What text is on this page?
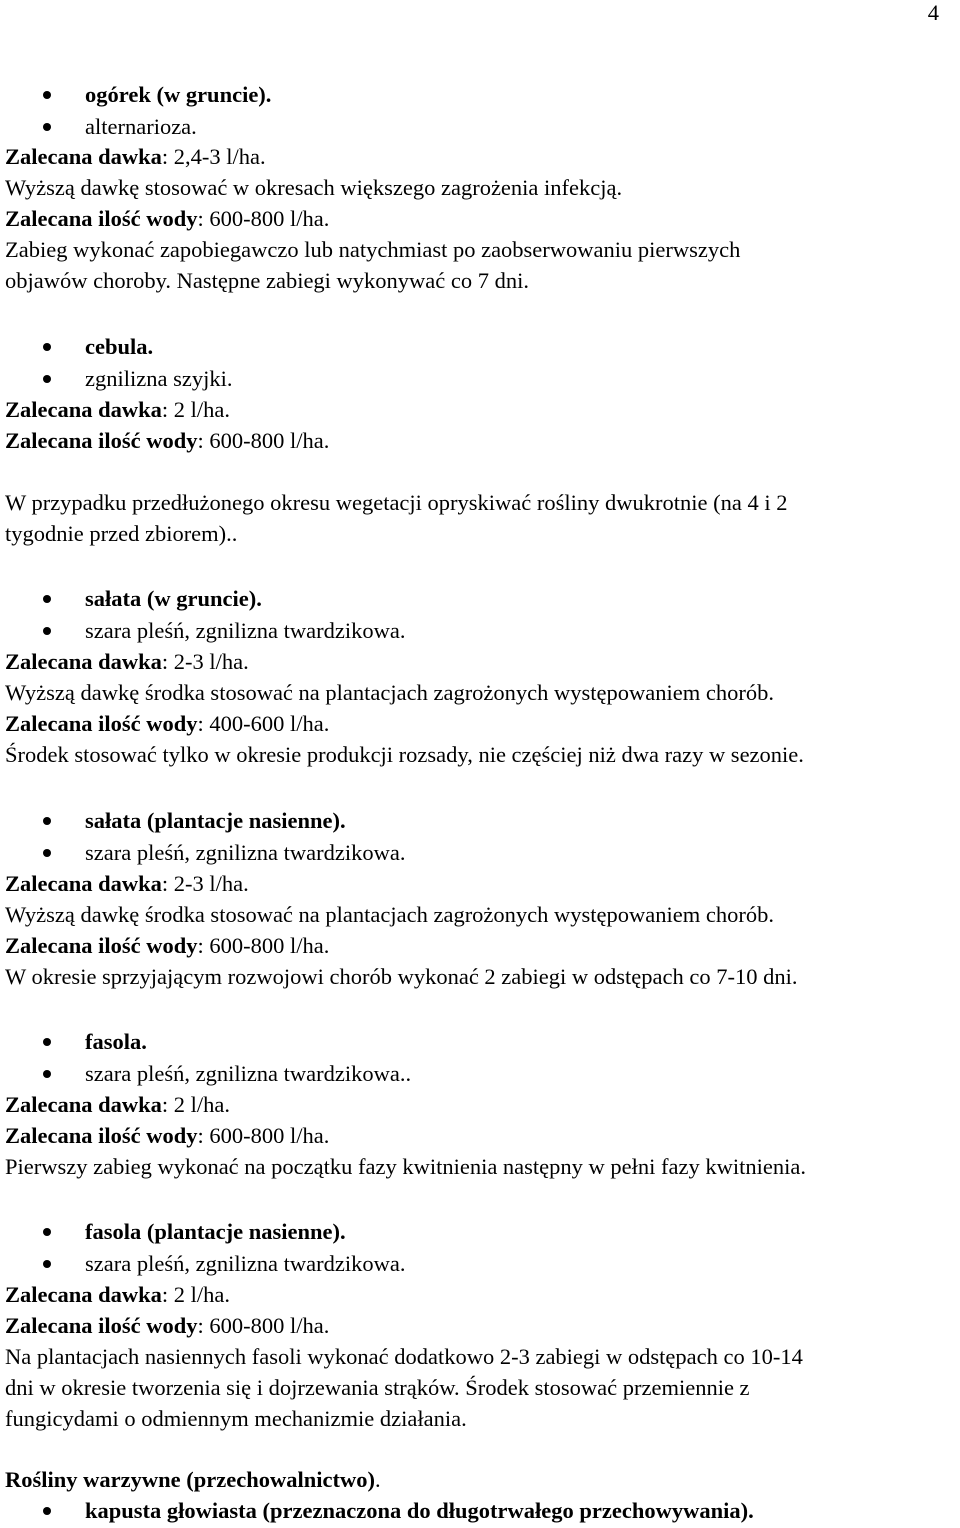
4
ogórek (w gruncie).
alternarioza.
Zalecana dawka: 2,4-3 l/ha.
Wyższą dawkę stosować w okresach większego zagrożenia infekcją.
Zalecana ilość wody: 600-800 l/ha.
Zabieg wykonać zapobiegawczo lub natychmiast po zaobserwowaniu pierwszych
objawów choroby. Następne zabiegi wykonywać co 7 dni.
cebula.
zgnilizna szyjki.
Zalecana dawka: 2 l/ha.
Zalecana ilość wody: 600-800 l/ha.
W przypadku przedłużonego okresu wegetacji opryskiwać rośliny dwukrotnie (na 4 i 2
tygodnie przed zbiorem)..
sałata (w gruncie).
szara pleśń, zgnilizna twardzikowa.
Zalecana dawka: 2-3 l/ha.
Wyższą dawkę środka stosować na plantacjach zagrożonych występowaniem chorób.
Zalecana ilość wody: 400-600 l/ha.
Środek stosować tylko w okresie produkcji rozsady, nie częściej niż dwa razy w sezonie.
sałata (plantacje nasienne).
szara pleśń, zgnilizna twardzikowa.
Zalecana dawka: 2-3 l/ha.
Wyższą dawkę środka stosować na plantacjach zagrożonych występowaniem chorób.
Zalecana ilość wody: 600-800 l/ha.
W okresie sprzyjającym rozwojowi chorób wykonać 2 zabiegi w odstępach co 7-10 dni.
fasola.
szara pleśń, zgnilizna twardzikowa..
Zalecana dawka: 2 l/ha.
Zalecana ilość wody: 600-800 l/ha.
Pierwszy zabieg wykonać na początku fazy kwitnienia następny w pełni fazy kwitnienia.
fasola (plantacje nasienne).
szara pleśń, zgnilizna twardzikowa.
Zalecana dawka: 2 l/ha.
Zalecana ilość wody: 600-800 l/ha.
Na plantacjach nasiennych fasoli wykonać dodatkowo 2-3 zabiegi w odstępach co 10-14
dni w okresie tworzenia się i dojrzewania strąków. Środek stosować przemiennie z
fungicydami o odmiennym mechanizmie działania.
Rośliny warzywne (przechowalnictwo).
kapusta głowiasta (przeznaczona do długotrwałego przechowywania).
